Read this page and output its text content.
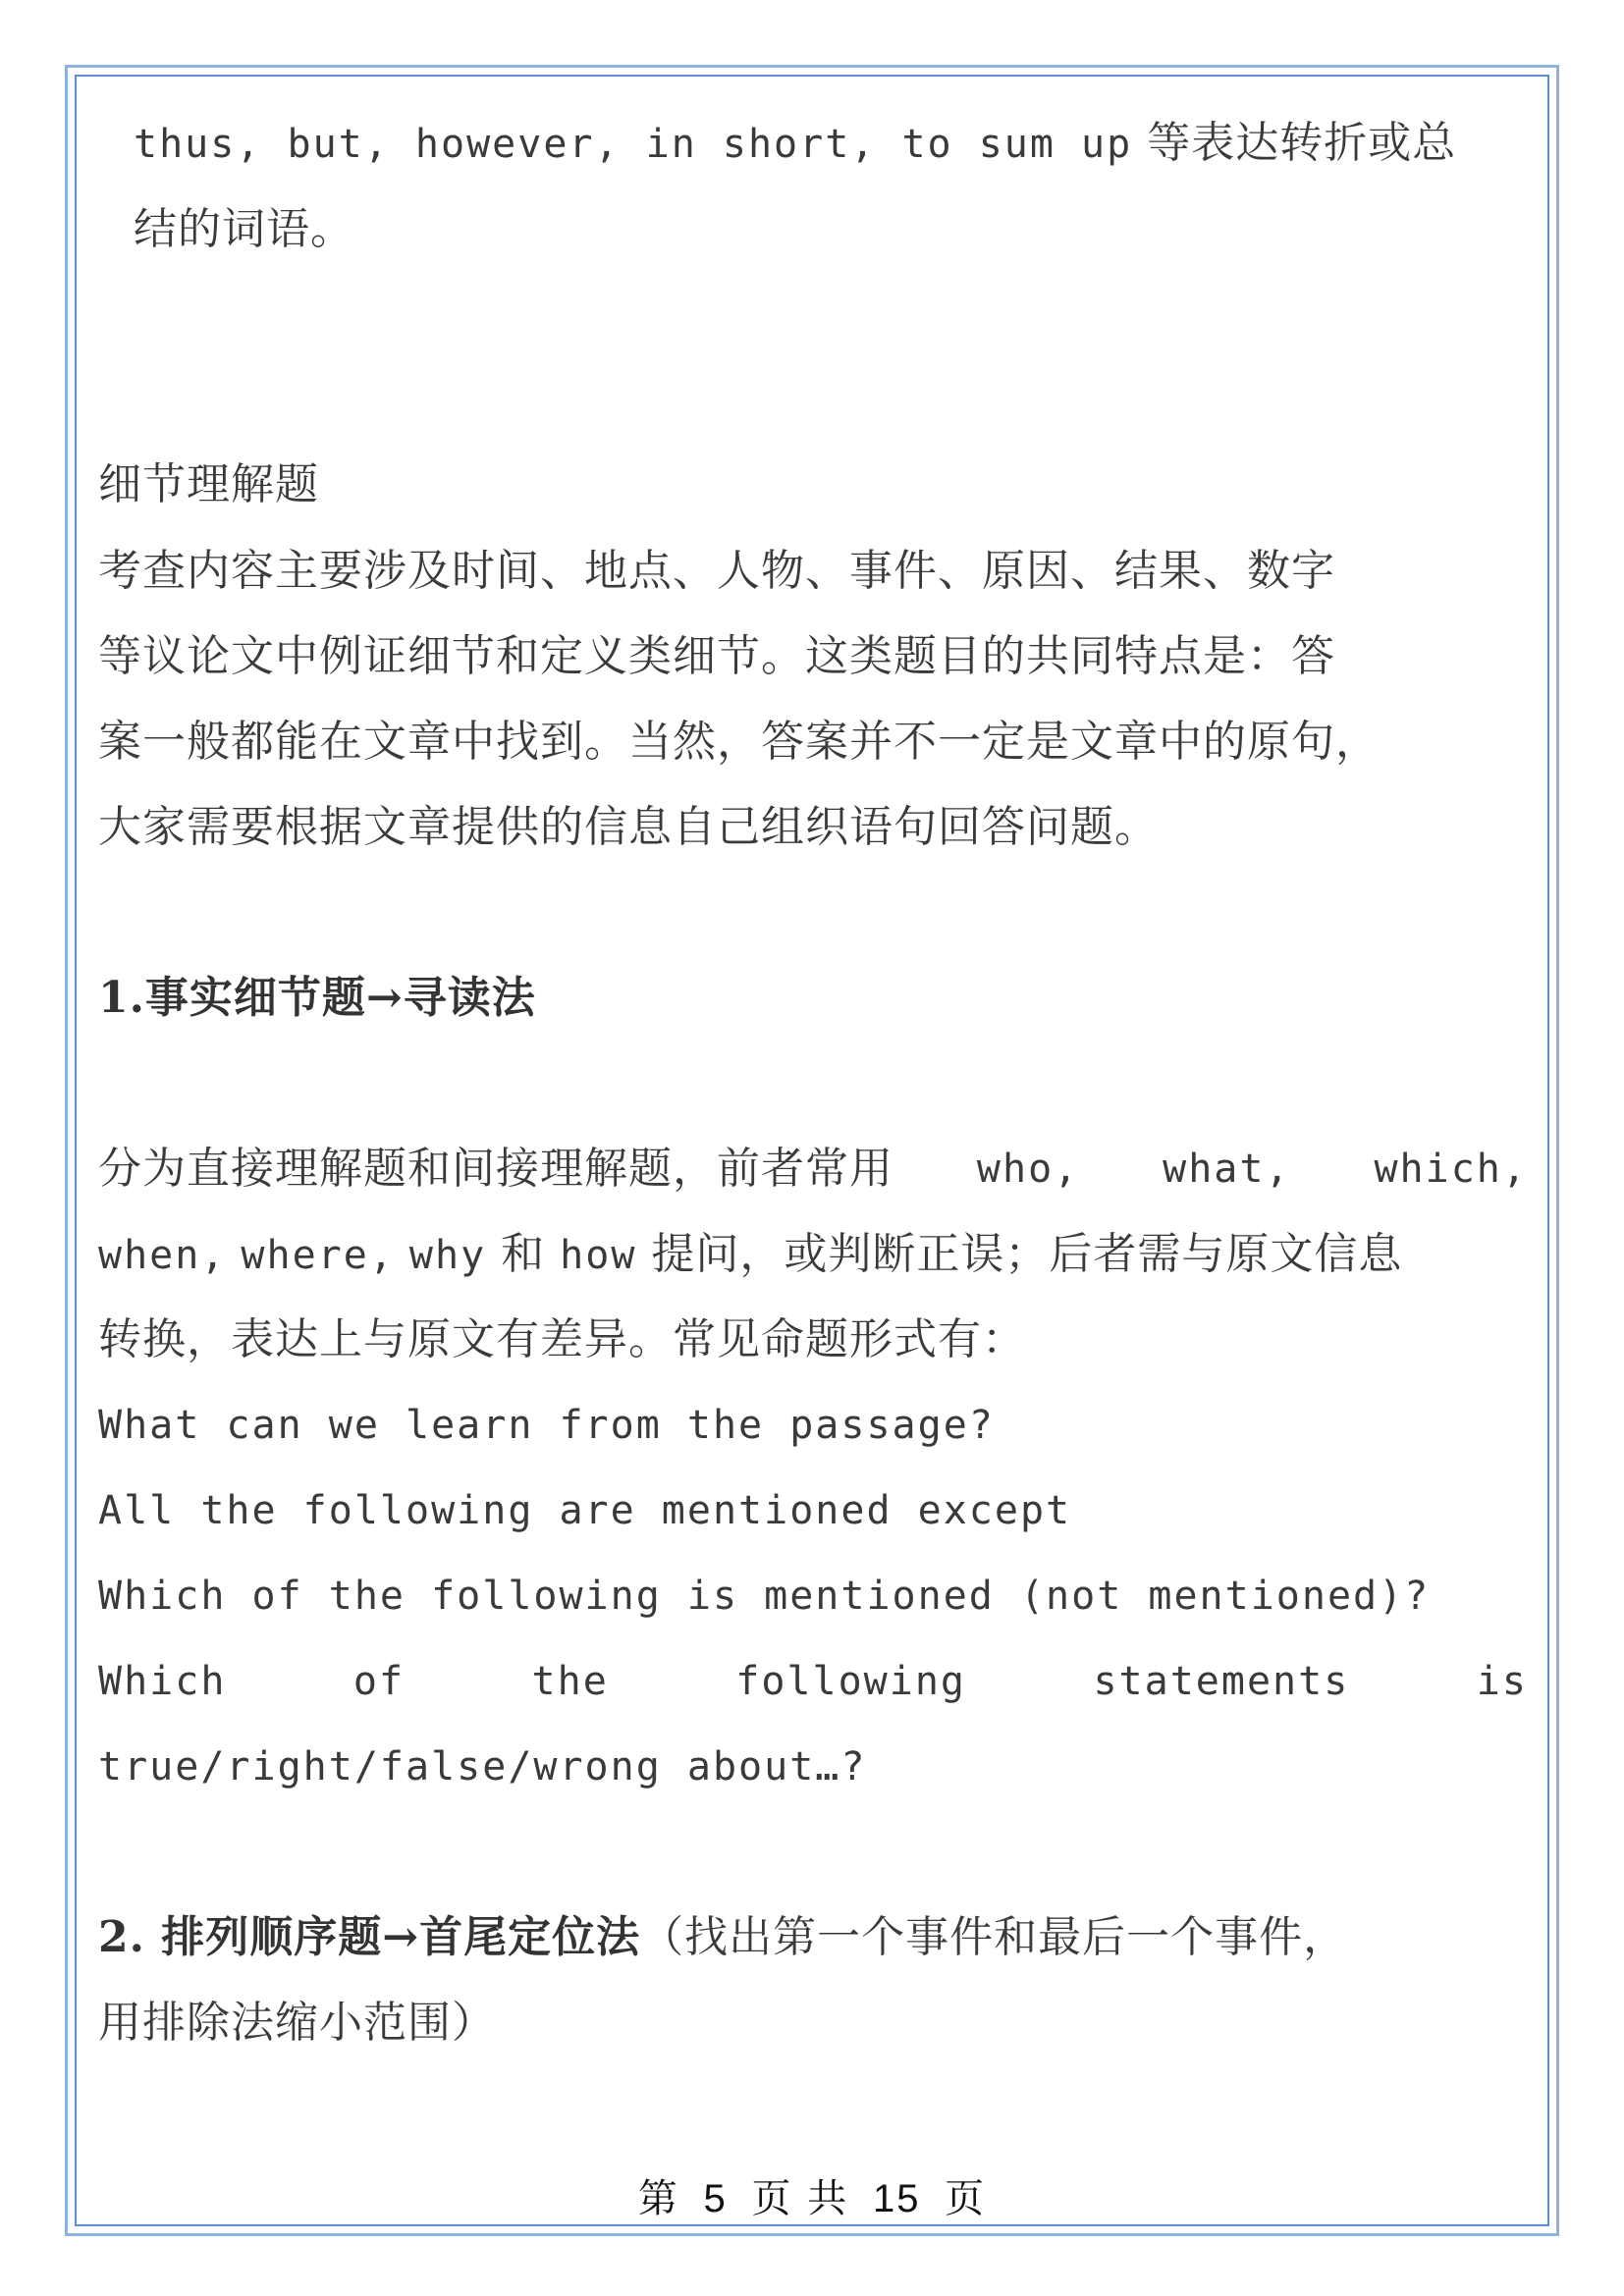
thus, but, however, in short, to sum up 等表达转折或总
结的词语。
细节理解题
考查内容主要涉及时间、地点、人物、事件、原因、结果、数字
等议论文中例证细节和定义类细节。这类题目的共同特点是：答
案一般都能在文章中找到。当然，答案并不一定是文章中的原句，
大家需要根据文章提供的信息自己组织语句回答问题。
1.事实细节题→寻读法
分为直接理解题和间接理解题，前者常用 who, what, which,
when, where, why 和 how 提问，或判断正误；后者需与原文信息
转换，表达上与原文有差异。常见命题形式有：
What can we learn from the passage?
All the following are mentioned except
Which of the following is mentioned (not mentioned)?
Which	of	the	following	statements	is
true/right/false/wrong about…?
2. 排列顺序题→首尾定位法（找出第一个事件和最后一个事件，
用排除法缩小范围）
第 5 页 共 15 页
